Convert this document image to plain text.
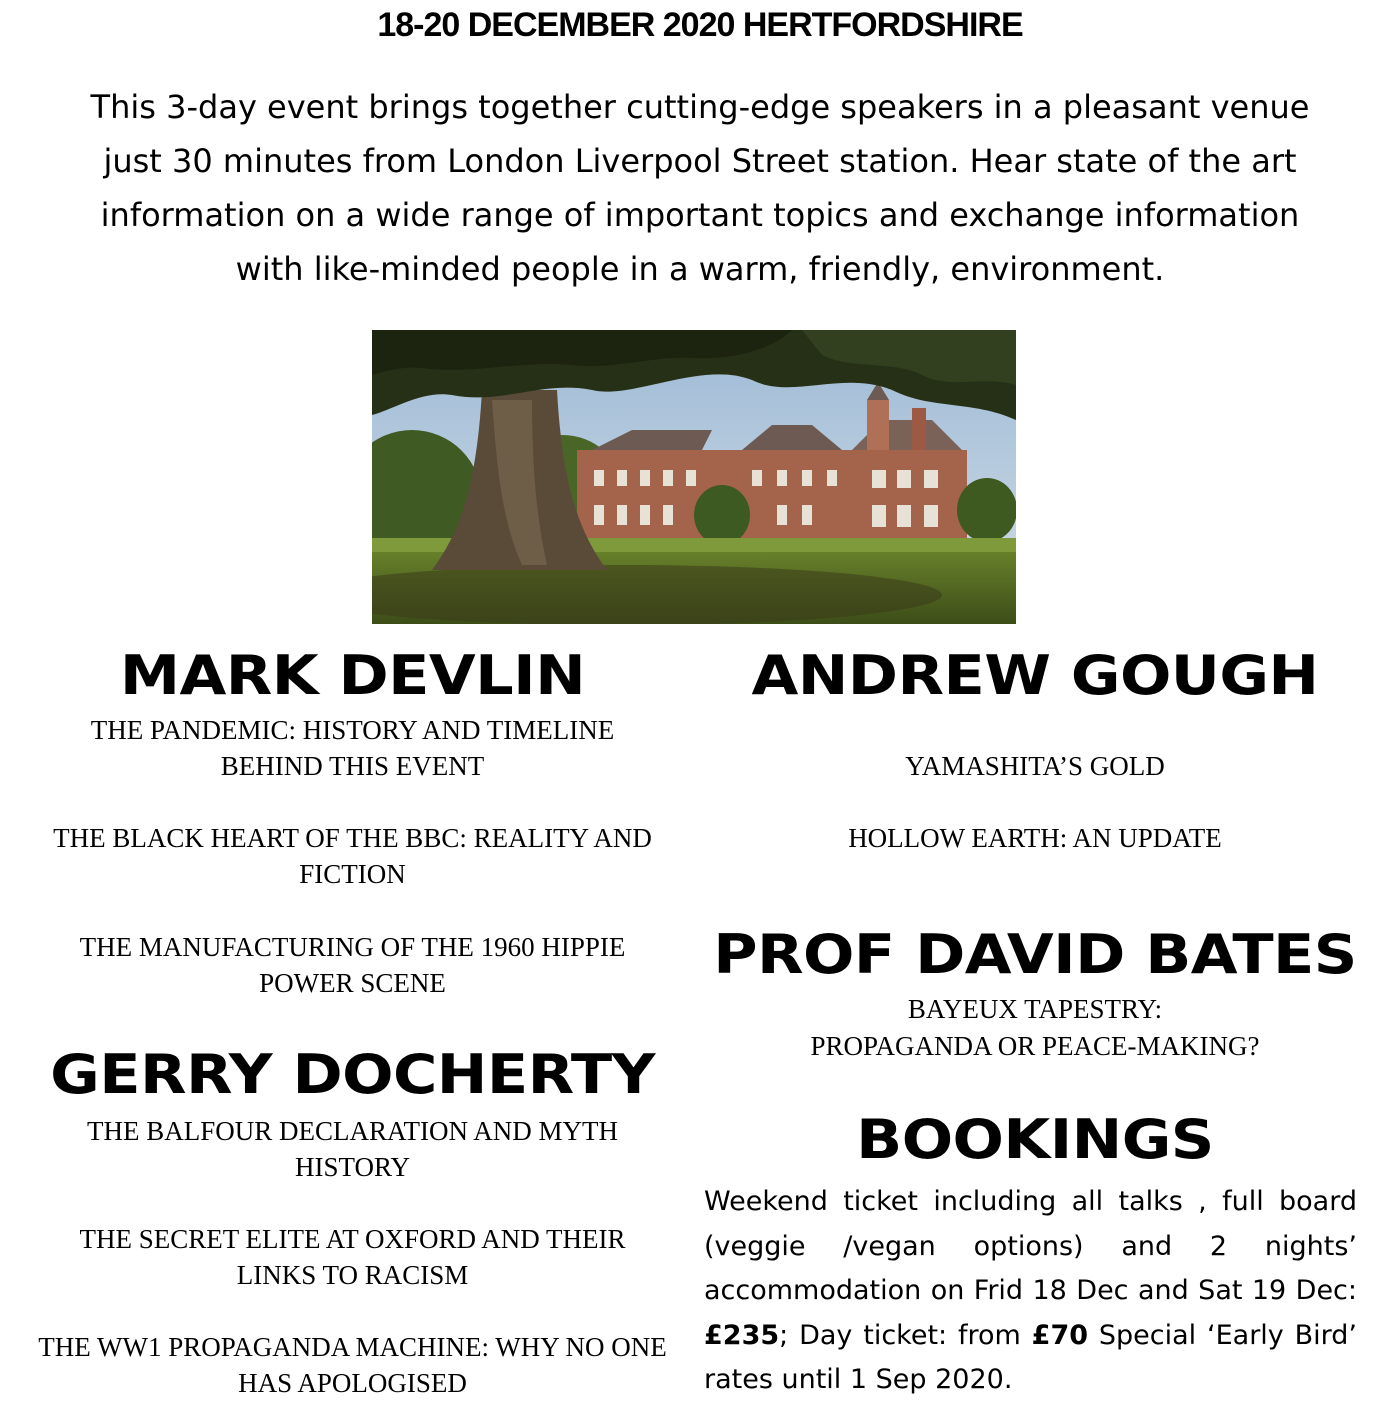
18-20 DECEMBER 2020 HERTFORDSHIRE
This 3-day event brings together cutting-edge speakers in a pleasant venue
just 30 minutes from London Liverpool Street station. Hear state of the art
information on a wide range of important topics and exchange information
with like-minded people in a warm, friendly, environment.
MARK DEVLIN
THE PANDEMIC: HISTORY AND TIMELINE BEHIND THIS EVENT
THE BLACK HEART OF THE BBC: REALITY AND FICTION
THE MANUFACTURING OF THE 1960 HIPPIE POWER SCENE
GERRY DOCHERTY
THE BALFOUR DECLARATION AND MYTH HISTORY
THE SECRET ELITE AT OXFORD AND THEIR LINKS TO RACISM
THE WW1 PROPAGANDA MACHINE: WHY NO ONE HAS APOLOGISED
ANDREW GOUGH
YAMASHITA’S GOLD
HOLLOW EARTH: AN UPDATE
PROF DAVID BATES
BAYEUX TAPESTRY:
PROPAGANDA OR PEACE-MAKING?
BOOKINGS
Weekend ticket including all talks , full board (veggie /vegan options) and 2 nights’ accommodation on Frid 18 Dec and Sat 19 Dec: £235; Day ticket: from £70 Special ‘Early Bird’ rates until 1 Sep 2020.
